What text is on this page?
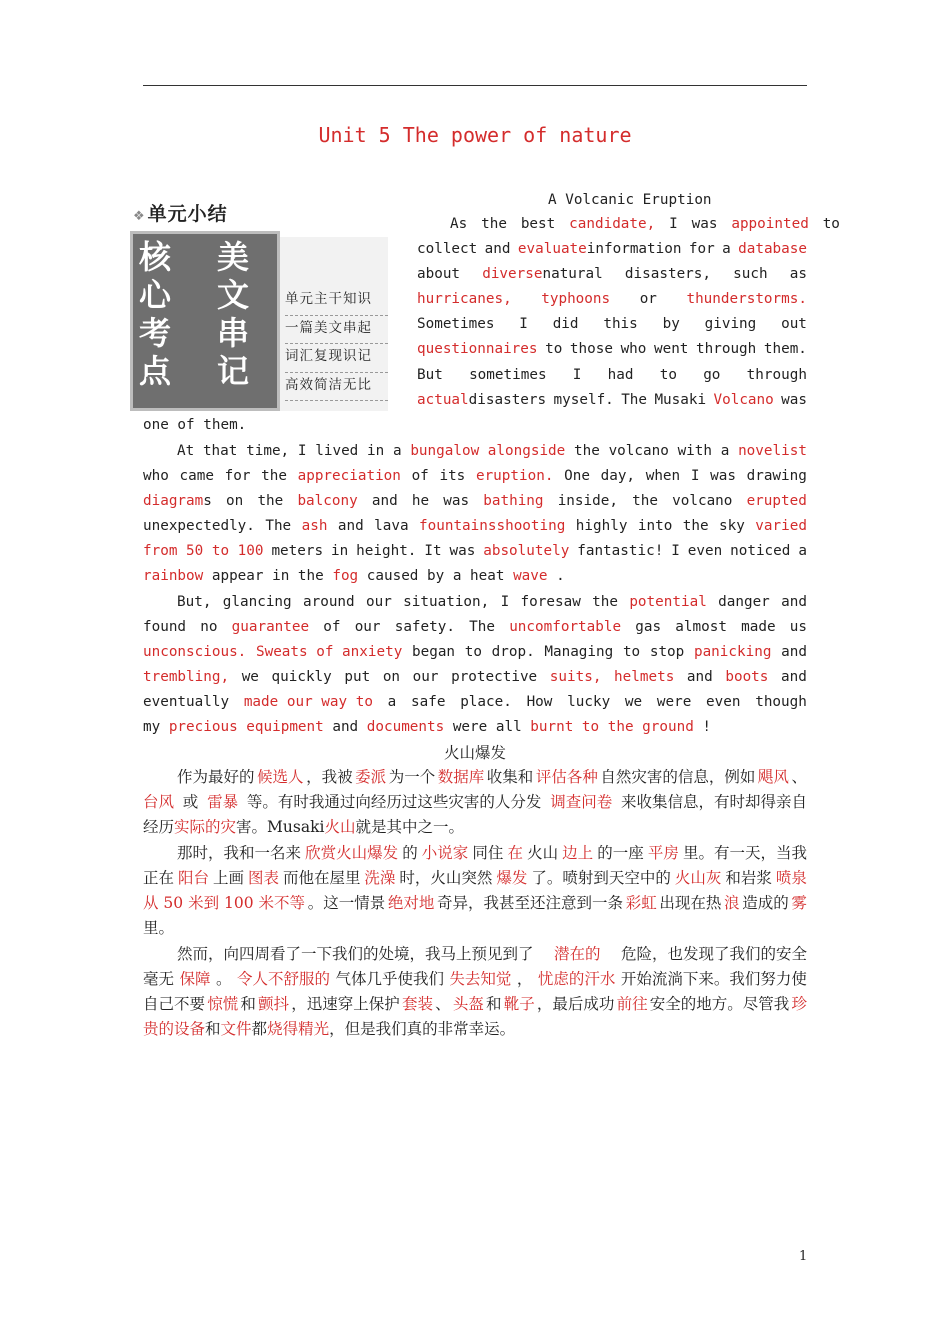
Unit 5 The power of nature
❖ 单元小结
核	美
心	文
考	串
点	记
单元主干知识
一篇美文串起
词汇复现识记
高效简洁无比
A Volcanic Eruption
As the best candidate, I was appointed to
collect and evaluateinformation for a database
about diversenatural disasters, such as
hurricanes, typhoons or thunderstorms.
Sometimes I did this by giving out
questionnaires to those who went through them.
But sometimes I had to go through
actualdisasters myself. The Musaki Volcano was
one of them.
At that time, I lived in a bungalow alongside the volcano with a novelist
who came for the appreciation of its eruption. One day, when I was drawing
diagrams on the balcony and he was bathing inside, the volcano erupted
unexpectedly. The ash and lava fountainsshooting highly into the sky varied
from 50 to 100 meters in height. It was absolutely fantastic! I even noticed a
rainbow appear in the fog caused by a heat wave .
But, glancing around our situation, I foresaw the potential danger and
found no guarantee of our safety. The uncomfortable gas almost made us
unconscious. Sweats of anxiety began to drop. Managing to stop panicking and
trembling, we quickly put on our protective suits, helmets and boots and
eventually made our way to a safe place. How lucky we were even though
my precious equipment and documents were all burnt to the ground !
火山爆发
作为最好的 候选人 ，我被 委派 为一个 数据库 收集和 评估各种 自然灾害的信息，例如 飓风 、
台风 或 雷暴 等。有时我通过向经历过这些灾害的人分发 调查问卷 来收集信息，有时却得亲自
经历 实际的灾 害。Musaki 火山 就是其中之一。
那时，我和一名来 欣赏火山爆发 的 小说家 同住 在 火山 边上 的一座 平房 里。有一天，当我
正在 阳台 上画 图表 而他在屋里 洗澡 时，火山突然 爆发 了。喷射到天空中的 火山灰 和岩浆 喷泉
从 50 米到 100 米不等 。这一情景 绝对地 奇异，我甚至还注意到一条 彩虹 出现在热 浪 造成的 雾
里。
然而，向四周看了一下我们的处境，我马上预见到了 潜在的 危险，也发现了我们的安全
毫无 保障 。 令人不舒服的 气体几乎使我们 失去知觉 ， 忧虑的汗水 开始流淌下来。我们努力使
自己不要 惊慌 和 颤抖 ，迅速穿上保护 套装 、 头盔 和 靴子 ，最后成功 前往 安全的地方。尽管我 珍
贵的设备 和 文件 都 烧得精光 ，但是我们真的非常幸运。
1
